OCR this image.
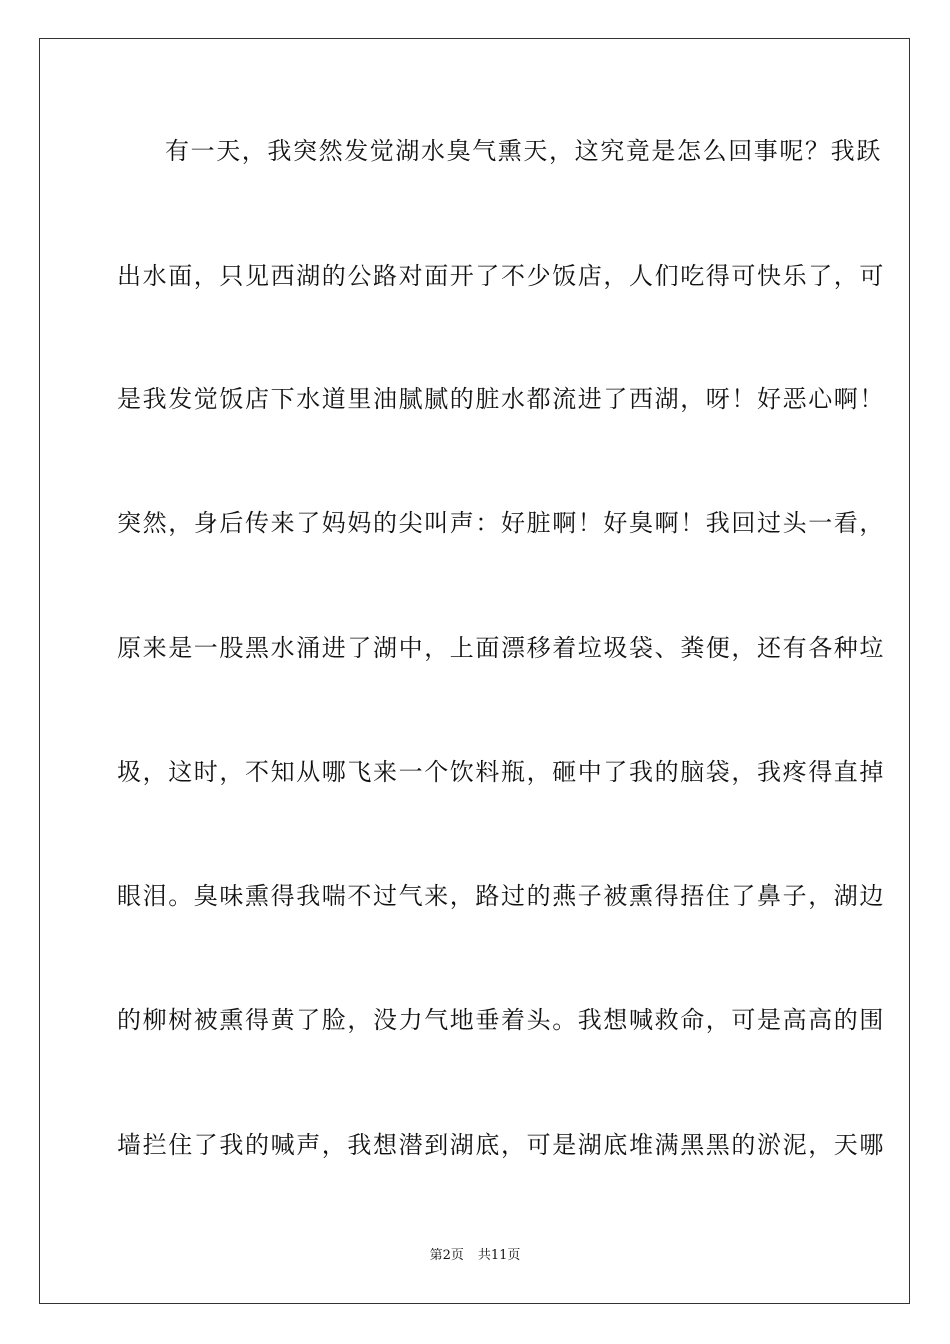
有一天，我突然发觉湖水臭气熏天，这究竟是怎么回事呢？我跃
出水面，只见西湖的公路对面开了不少饭店，人们吃得可快乐了，可
是我发觉饭店下水道里油腻腻的脏水都流进了西湖，呀！好恶心啊！
突然，身后传来了妈妈的尖叫声：好脏啊！好臭啊！我回过头一看，
原来是一股黑水涌进了湖中，上面漂移着垃圾袋、粪便，还有各种垃
圾，这时，不知从哪飞来一个饮料瓶，砸中了我的脑袋，我疼得直掉
眼泪。臭味熏得我喘不过气来，路过的燕子被熏得捂住了鼻子，湖边
的柳树被熏得黄了脸，没力气地垂着头。我想喊救命，可是高高的围
墙拦住了我的喊声，我想潜到湖底，可是湖底堆满黑黑的淤泥，天哪
第2页 共11页
